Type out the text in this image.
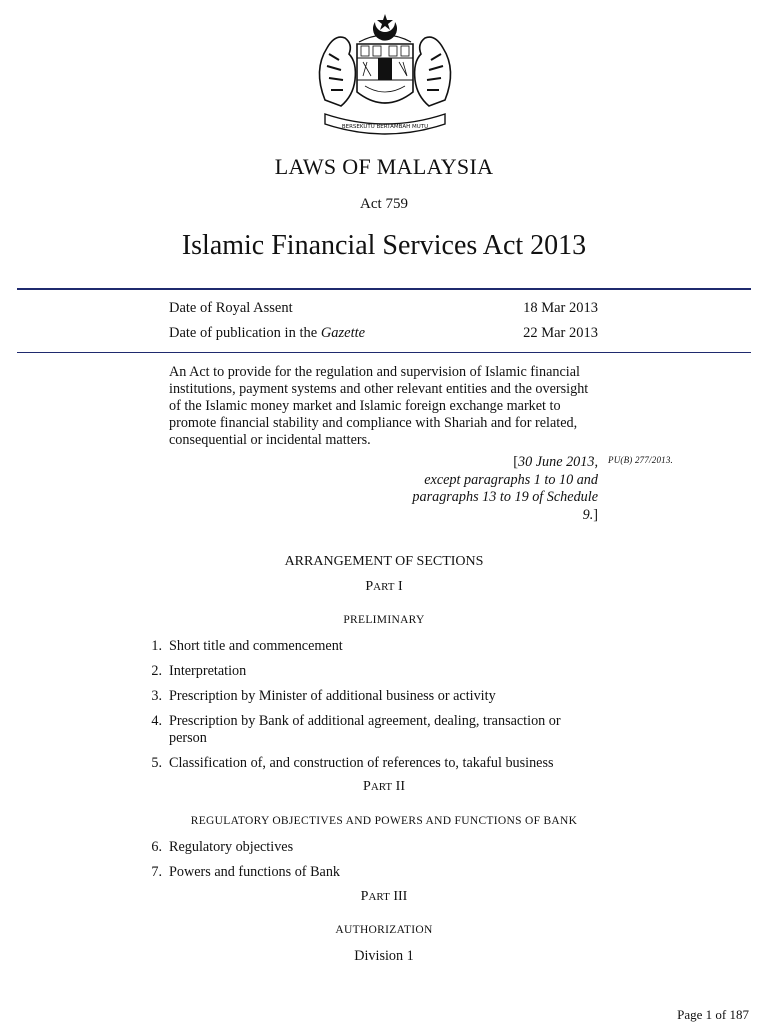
BERSEKUTU BERTAMBAH MUTU
LAWS OF MALAYSIA
Act 759
Islamic Financial Services Act 2013
Date of Royal Assent	18 Mar 2013
Date of publication in the Gazette	22 Mar 2013
An Act to provide for the regulation and supervision of Islamic financial institutions, payment systems and other relevant entities and the oversight of the Islamic money market and Islamic foreign exchange market to promote financial stability and compliance with Shariah and for related, consequential or incidental matters.
[30 June 2013,
except paragraphs 1 to 10 and
paragraphs 13 to 19 of Schedule
9.]
PU(B) 277/2013.
ARRANGEMENT OF SECTIONS
PART I
PRELIMINARY
1. Short title and commencement
2. Interpretation
3. Prescription by Minister of additional business or activity
4. Prescription by Bank of additional agreement, dealing, transaction or person
5. Classification of, and construction of references to, takaful business
PART II
REGULATORY OBJECTIVES AND POWERS AND FUNCTIONS OF BANK
6. Regulatory objectives
7. Powers and functions of Bank
PART III
AUTHORIZATION
Division 1
Page 1 of 187
